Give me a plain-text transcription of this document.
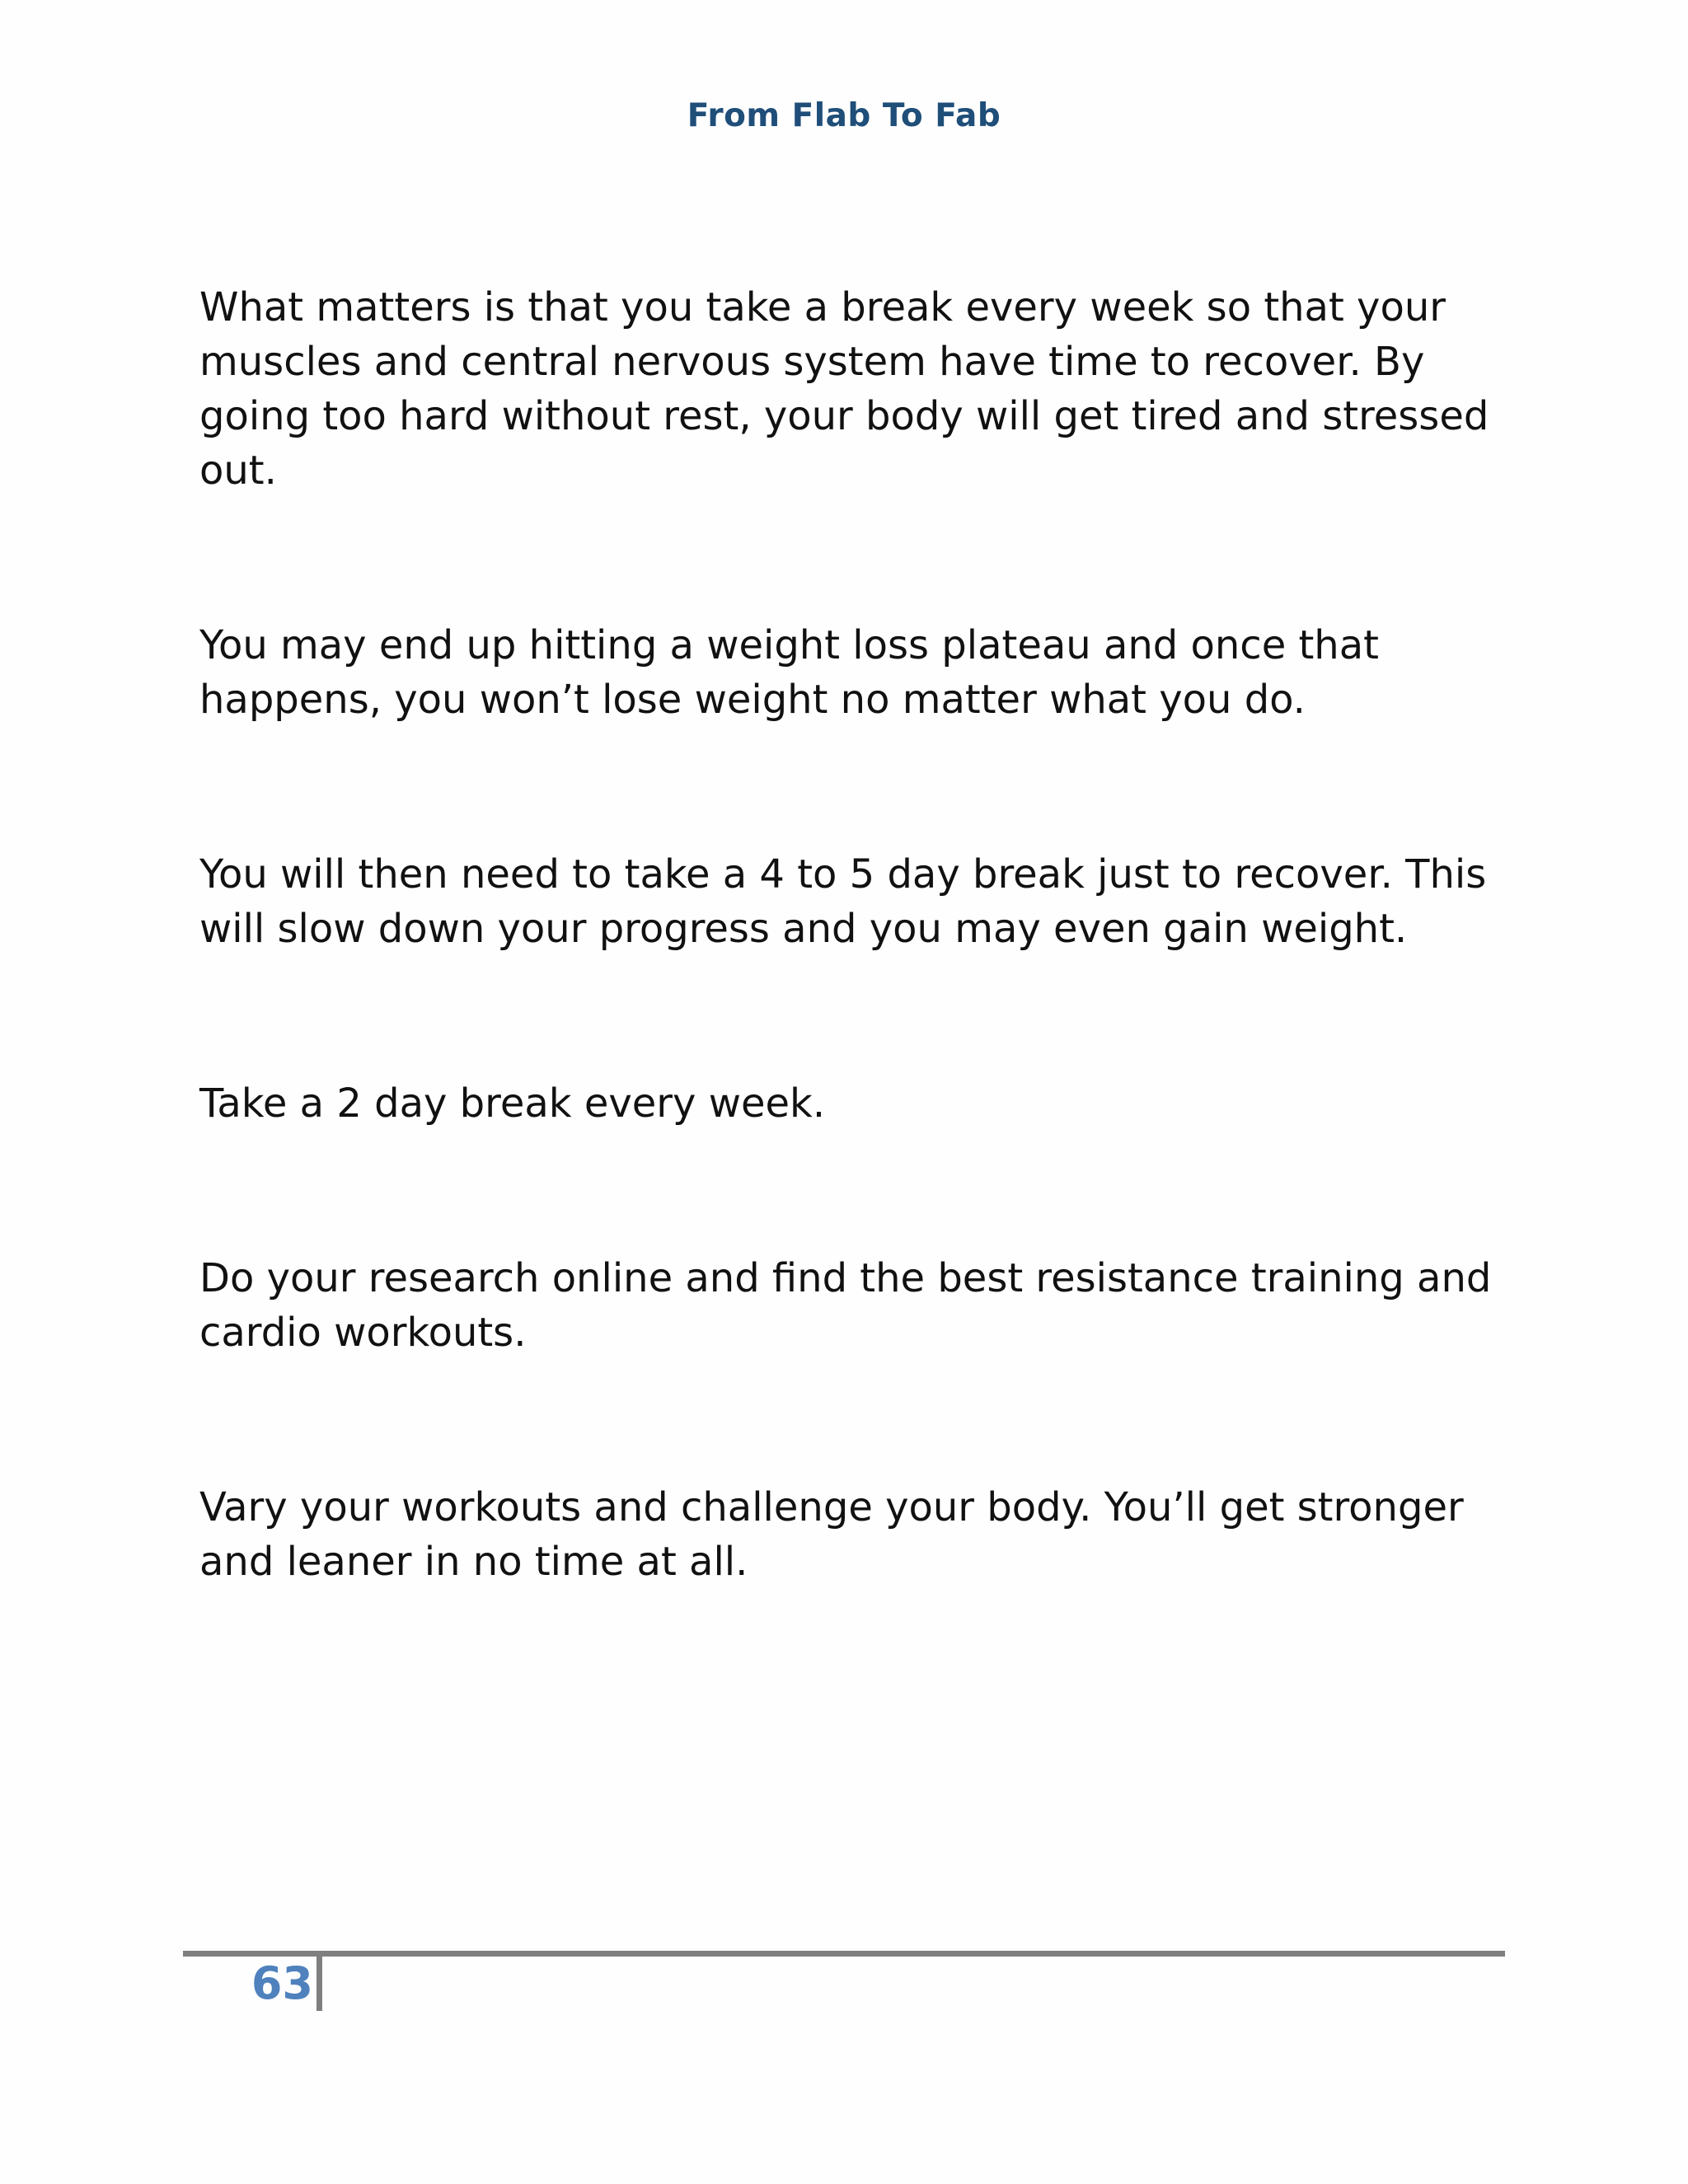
From Flab To Fab

What matters is that you take a break every week so that your muscles and central nervous system have time to recover. By going too hard without rest, your body will get tired and stressed out.

You may end up hitting a weight loss plateau and once that happens, you won’t lose weight no matter what you do.

You will then need to take a 4 to 5 day break just to recover. This will slow down your progress and you may even gain weight.

Take a 2 day break every week.

Do your research online and find the best resistance training and cardio workouts.

Vary your workouts and challenge your body. You’ll get stronger and leaner in no time at all.

63
